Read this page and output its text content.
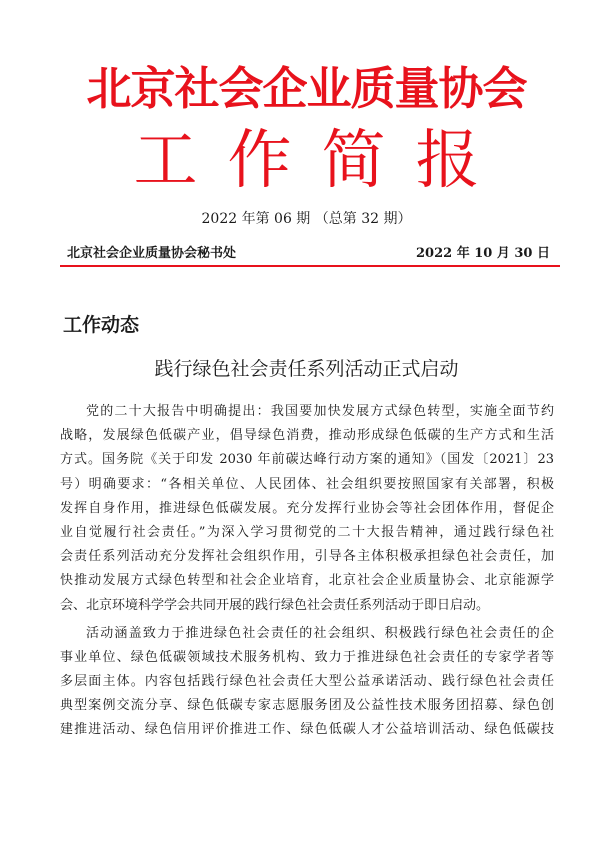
北京社会企业质量协会
工作简报
2022 年第 06 期 （总第 32 期）
北京社会企业质量协会秘书处	2022 年 10 月 30 日
工作动态
践行绿色社会责任系列活动正式启动
党的二十大报告中明确提出：我国要加快发展方式绿色转型，实施全面节约
战略，发展绿色低碳产业，倡导绿色消费，推动形成绿色低碳的生产方式和生活
方式。国务院《关于印发 2030 年前碳达峰行动方案的通知》（国发〔2021〕23
号）明确要求：“各相关单位、人民团体、社会组织要按照国家有关部署，积极
发挥自身作用，推进绿色低碳发展。充分发挥行业协会等社会团体作用，督促企
业自觉履行社会责任。”为深入学习贯彻党的二十大报告精神，通过践行绿色社
会责任系列活动充分发挥社会组织作用，引导各主体积极承担绿色社会责任，加
快推动发展方式绿色转型和社会企业培育，北京社会企业质量协会、北京能源学
会、北京环境科学学会共同开展的践行绿色社会责任系列活动于即日启动。
活动涵盖致力于推进绿色社会责任的社会组织、积极践行绿色社会责任的企
事业单位、绿色低碳领域技术服务机构、致力于推进绿色社会责任的专家学者等
多层面主体。内容包括践行绿色社会责任大型公益承诺活动、践行绿色社会责任
典型案例交流分享、绿色低碳专家志愿服务团及公益性技术服务团招募、绿色创
建推进活动、绿色信用评价推进工作、绿色低碳人才公益培训活动、绿色低碳技
